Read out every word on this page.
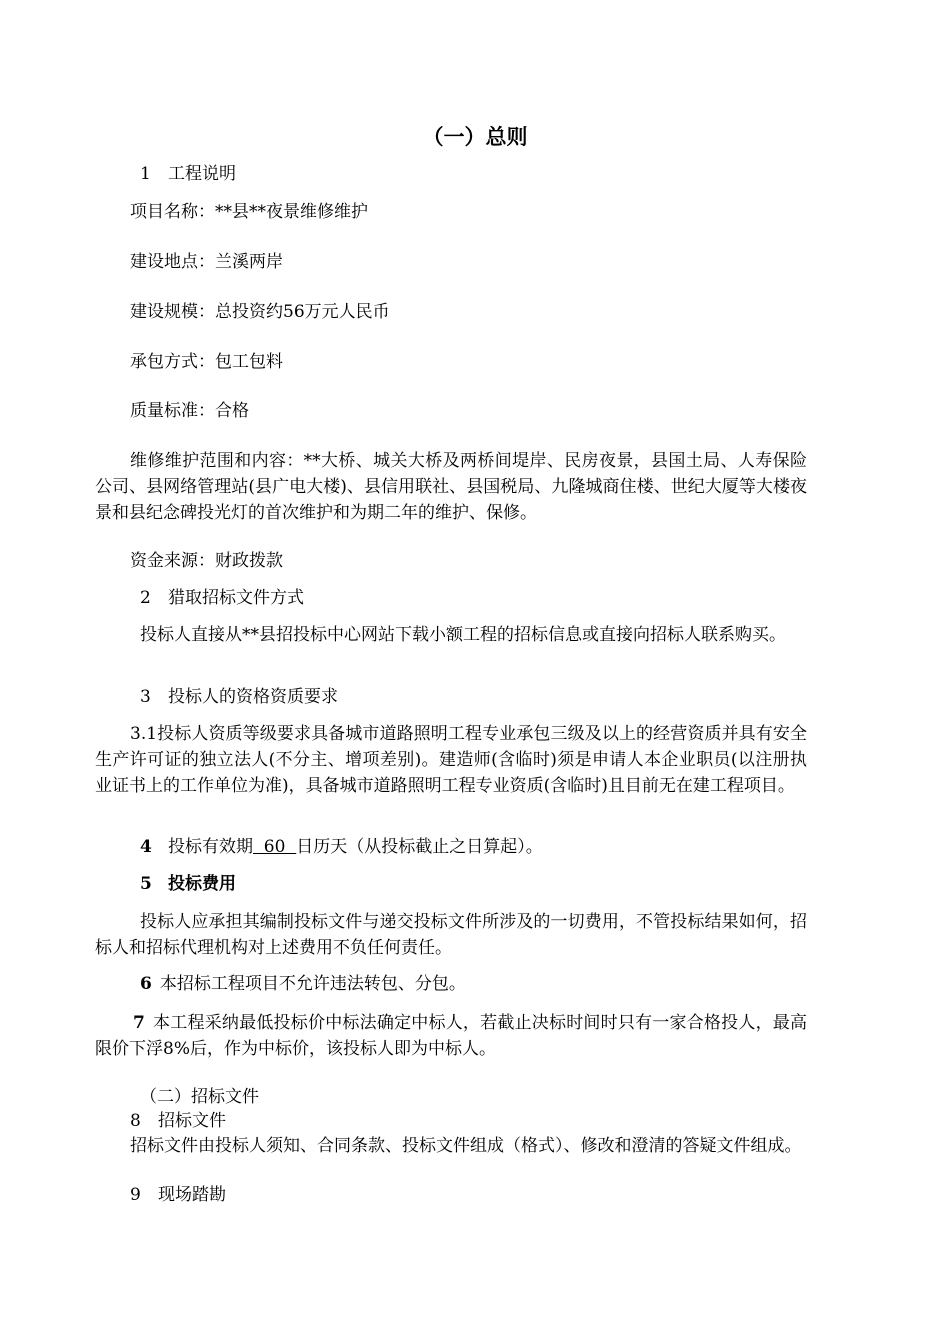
（一）总则
1 工程说明
项目名称：**县**夜景维修维护
建设地点：兰溪两岸
建设规模：总投资约56万元人民币
承包方式：包工包料
质量标准：合格
维修维护范围和内容：**大桥、城关大桥及两桥间堤岸、民房夜景，县国土局、人寿保险公司、县网络管理站(县广电大楼)、县信用联社、县国税局、九隆城商住楼、世纪大厦等大楼夜景和县纪念碑投光灯的首次维护和为期二年的维护、保修。
资金来源：财政拨款
2 猎取招标文件方式
投标人直接从**县招投标中心网站下载小额工程的招标信息或直接向招标人联系购买。
3 投标人的资格资质要求
3.1投标人资质等级要求具备城市道路照明工程专业承包三级及以上的经营资质并具有安全生产许可证的独立法人(不分主、增项差别)。建造师(含临时)须是申请人本企业职员(以注册执业证书上的工作单位为准)，具备城市道路照明工程专业资质(含临时)且目前无在建工程项目。
4 投标有效期  60  日历天（从投标截止之日算起）。
5 投标费用
投标人应承担其编制投标文件与递交投标文件所涉及的一切费用，不管投标结果如何，招标人和招标代理机构对上述费用不负任何责任。
6 本招标工程项目不允许违法转包、分包。
7 本工程采纳最低投标价中标法确定中标人，若截止决标时间时只有一家合格投人，最高限价下浮8%后，作为中标价，该投标人即为中标人。
（二）招标文件
8 招标文件
招标文件由投标人须知、合同条款、投标文件组成（格式）、修改和澄清的答疑文件组成。
9 现场踏勘
